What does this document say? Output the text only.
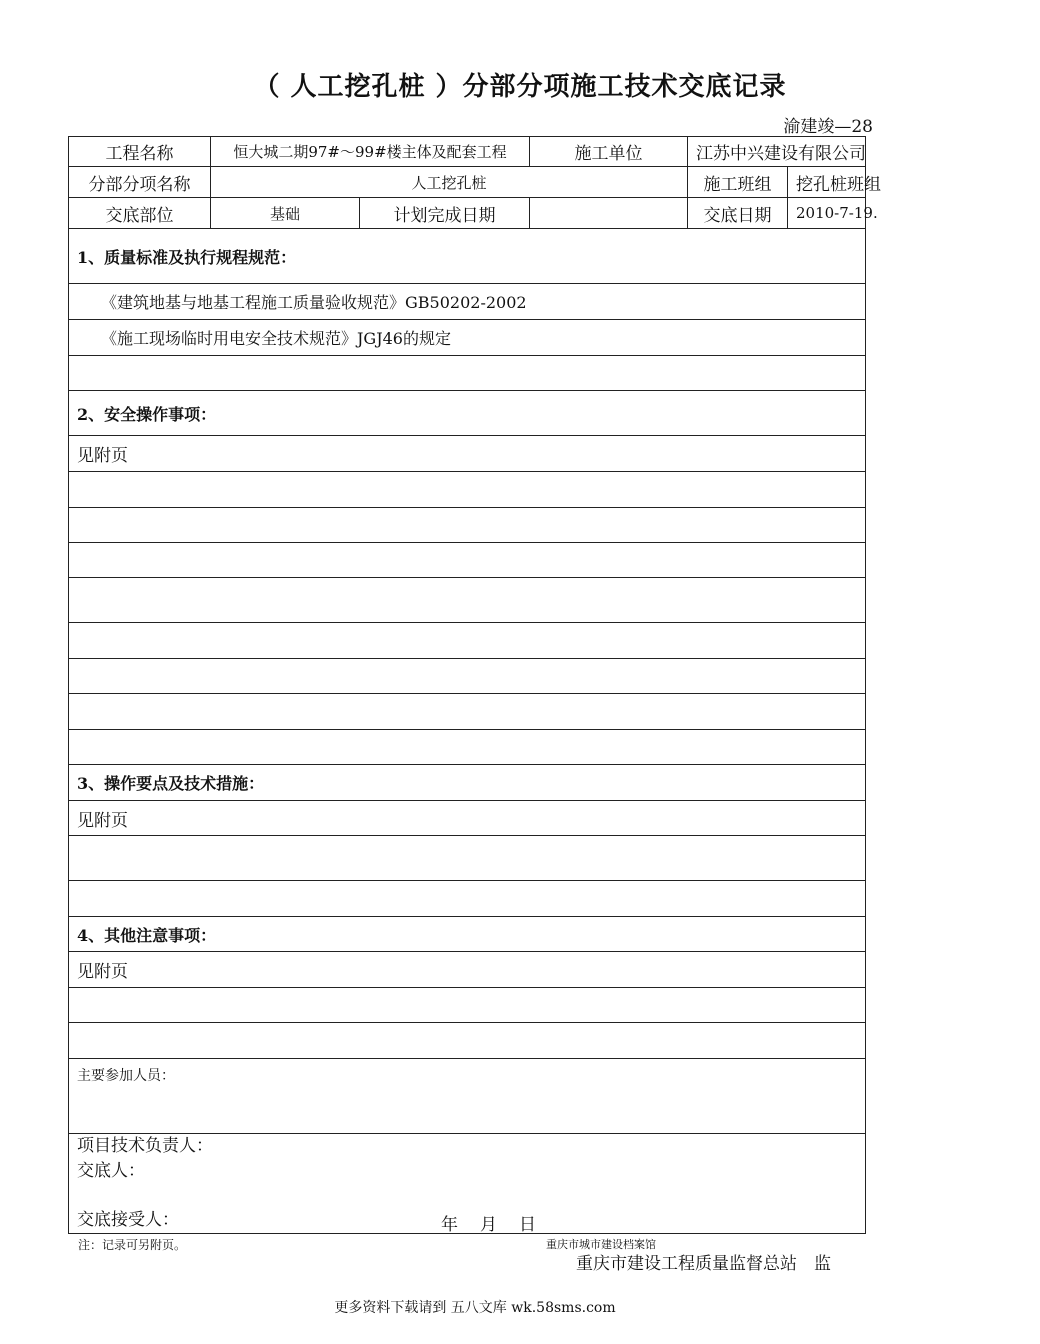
（ 人工挖孔桩 ）分部分项施工技术交底记录
渝建竣—28
工程名称	恒大城二期97#～99#楼主体及配套工程		施工单位	江苏中兴建设有限公司	
分部分项名称	人工挖孔桩			施工班组	挖孔桩班组
交底部位	基础	计划完成日期		交底日期	2010-7-19.
1、质量标准及执行规程规范：					
《建筑地基与地基工程施工质量验收规范》GB50202-2002					
《施工现场临时用电安全技术规范》JGJ46的规定					

2、安全操作事项：					
见附页					

3、操作要点及技术措施：					
见附页					

4、其他注意事项：					
见附页					

主要参加人员：					

项目技术负责人：
交底人：
交底接受人： 年 月 日					
注：记录可另附页。	重庆市城市建设档案馆
重庆市建设工程质量监督总站　监
更多资料下载请到 五八文库 wk.58sms.com
